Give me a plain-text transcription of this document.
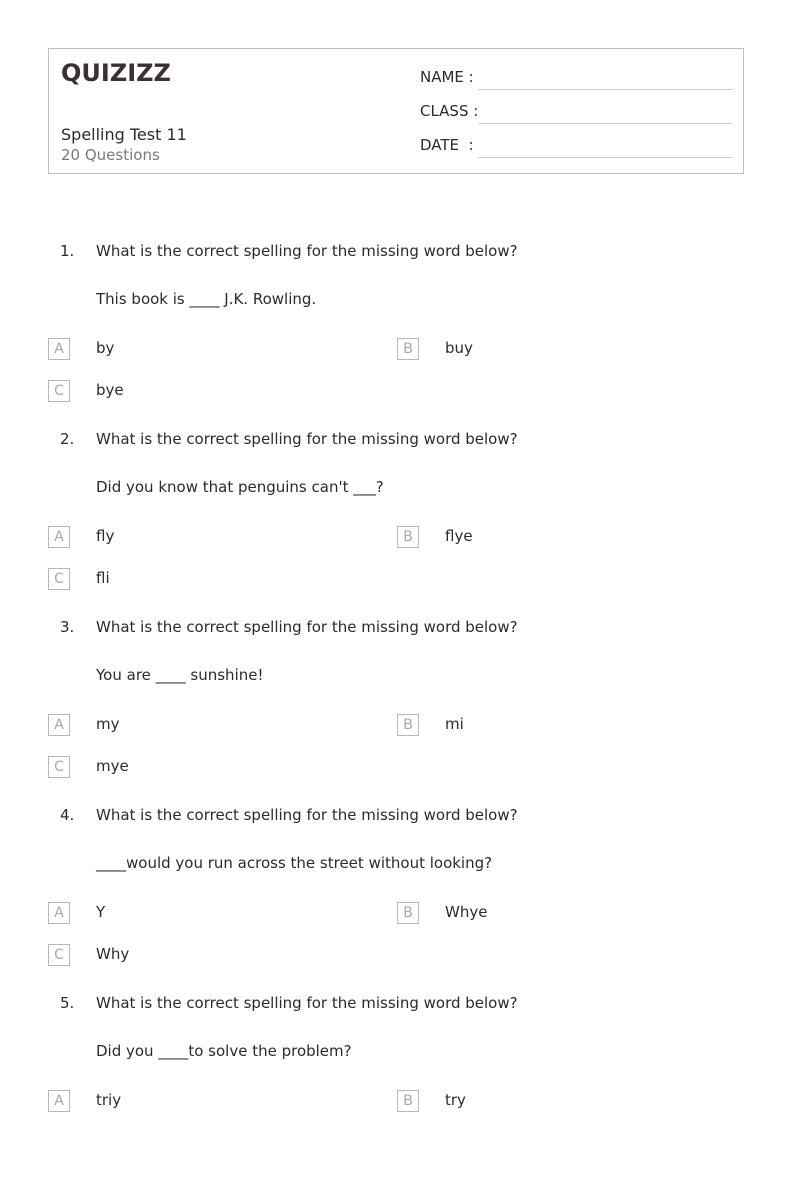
QUIZIZZ
Spelling Test 11
20 Questions
NAME :
CLASS :
DATE  :
1. What is the correct spelling for the missing word below?
This book is ____ J.K. Rowling.
A	by	B	buy
C	bye
2. What is the correct spelling for the missing word below?
Did you know that penguins can't ___?
A	fly	B	flye
C	fli
3. What is the correct spelling for the missing word below?
You are ____ sunshine!
A	my	B	mi
C	mye
4. What is the correct spelling for the missing word below?
____would you run across the street without looking?
A	Y	B	Whye
C	Why
5. What is the correct spelling for the missing word below?
Did you ____to solve the problem?
A	triy	B	try
